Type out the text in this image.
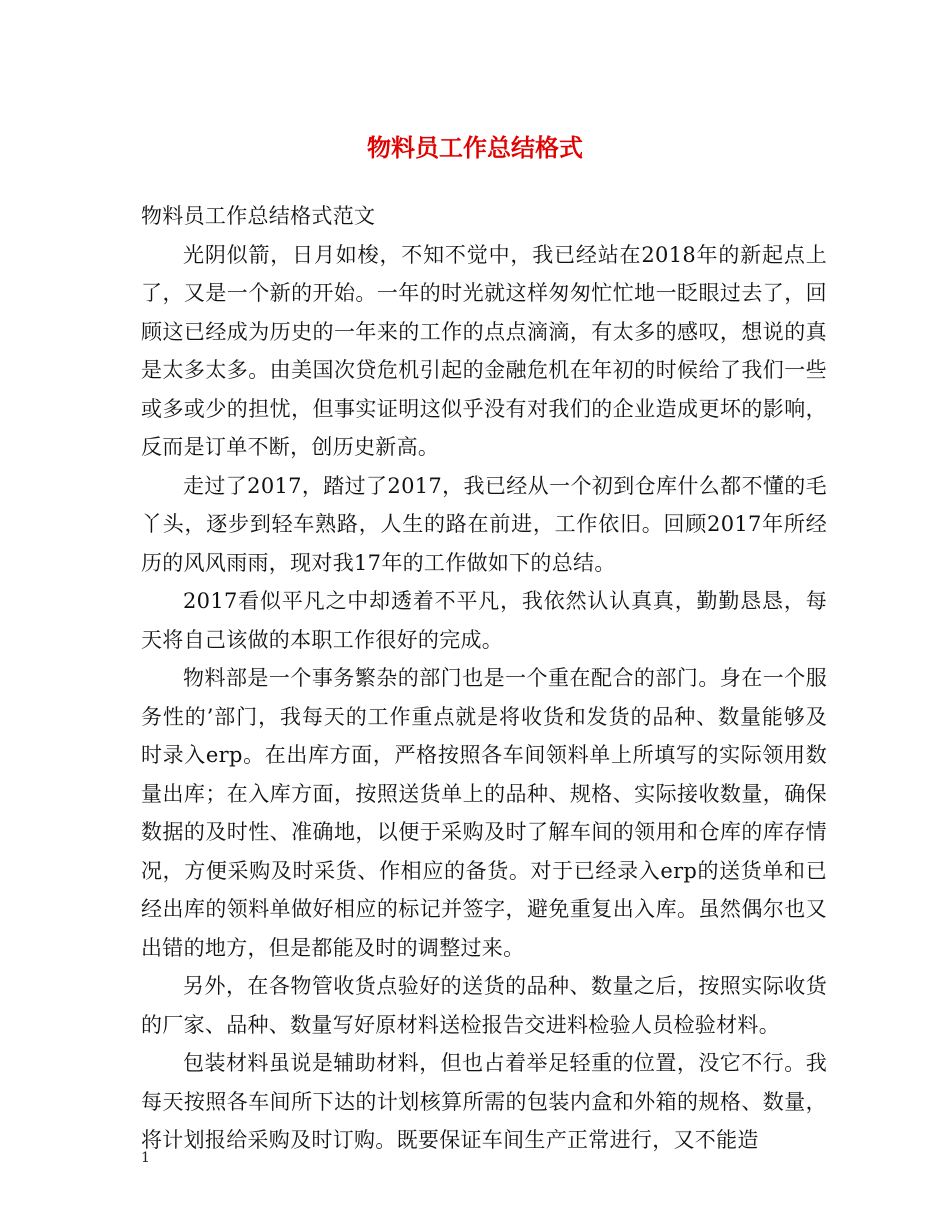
物料员工作总结格式

物料员工作总结格式范文

光阴似箭，日月如梭，不知不觉中，我已经站在2018年的新起点上了，又是一个新的开始。一年的时光就这样匆匆忙忙地一眨眼过去了，回顾这已经成为历史的一年来的工作的点点滴滴，有太多的感叹，想说的真是太多太多。由美国次贷危机引起的金融危机在年初的时候给了我们一些或多或少的担忧，但事实证明这似乎没有对我们的企业造成更坏的影响，反而是订单不断，创历史新高。

走过了2017，踏过了2017，我已经从一个初到仓库什么都不懂的毛丫头，逐步到轻车熟路，人生的路在前进，工作依旧。回顾2017年所经历的风风雨雨，现对我17年的工作做如下的总结。

2017看似平凡之中却透着不平凡，我依然认认真真，勤勤恳恳，每天将自己该做的本职工作很好的完成。

物料部是一个事务繁杂的部门也是一个重在配合的部门。身在一个服务性的’部门，我每天的工作重点就是将收货和发货的品种、数量能够及时录入erp。在出库方面，严格按照各车间领料单上所填写的实际领用数量出库；在入库方面，按照送货单上的品种、规格、实际接收数量，确保数据的及时性、准确地，以便于采购及时了解车间的领用和仓库的库存情况，方便采购及时采货、作相应的备货。对于已经录入erp的送货单和已经出库的领料单做好相应的标记并签字，避免重复出入库。虽然偶尔也又出错的地方，但是都能及时的调整过来。

另外，在各物管收货点验好的送货的品种、数量之后，按照实际收货的厂家、品种、数量写好原材料送检报告交进料检验人员检验材料。

包装材料虽说是辅助材料，但也占着举足轻重的位置，没它不行。我每天按照各车间所下达的计划核算所需的包装内盒和外箱的规格、数量，将计划报给采购及时订购。既要保证车间生产正常进行，又不能造

1
